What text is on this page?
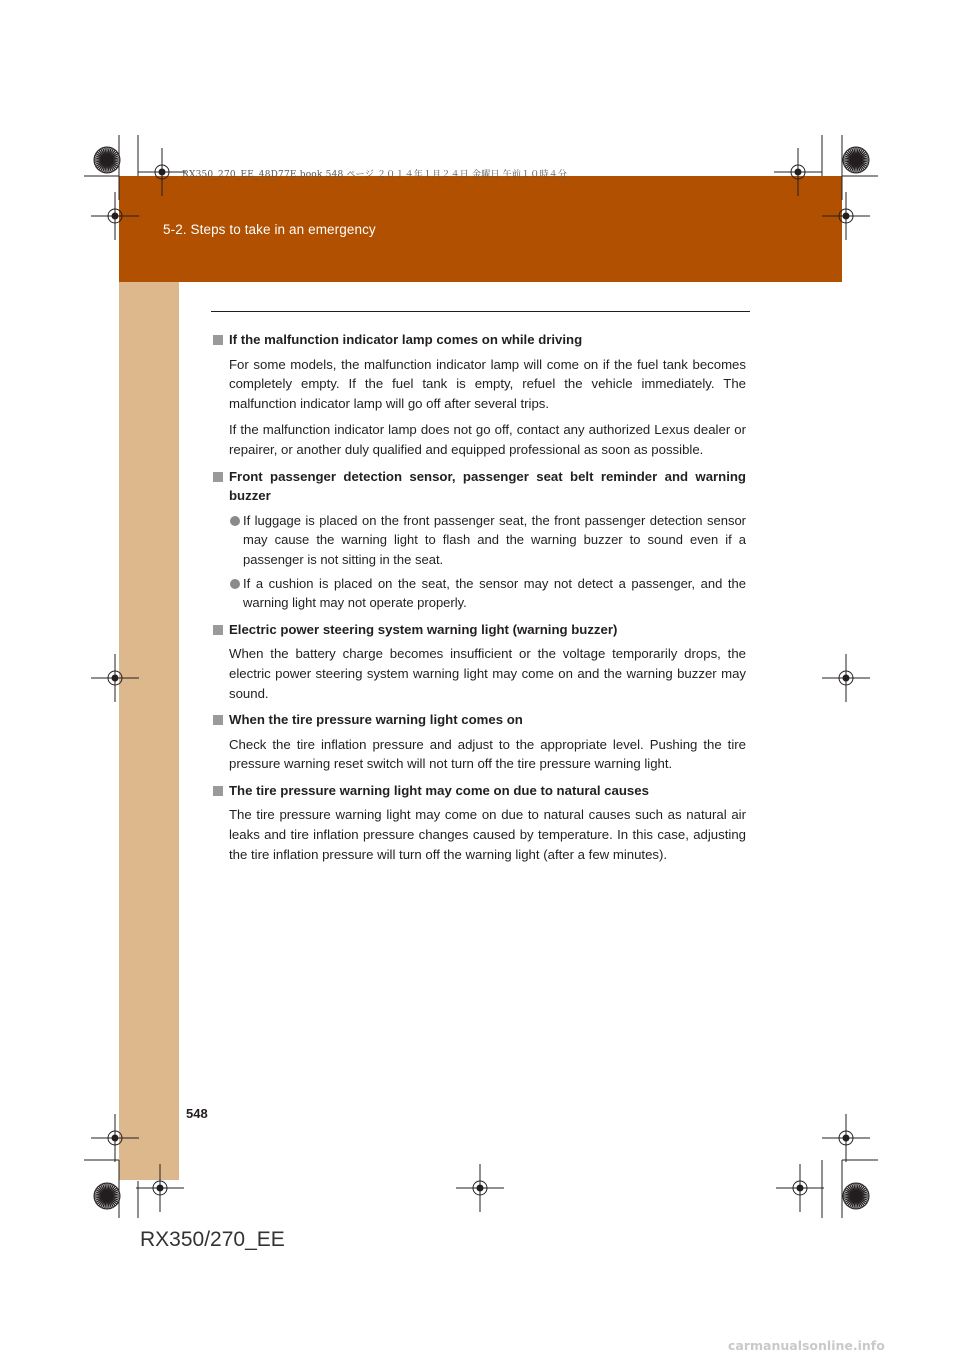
5-2. Steps to take in an emergency
RX350_270_EE_48D77E.book 548 ページ ２０１４年１月２４日 金曜日 午前１０時４分
If the malfunction indicator lamp comes on while driving
For some models, the malfunction indicator lamp will come on if the fuel tank becomes completely empty. If the fuel tank is empty, refuel the vehicle immediately. The malfunction indicator lamp will go off after several trips.
If the malfunction indicator lamp does not go off, contact any authorized Lexus dealer or repairer, or another duly qualified and equipped professional as soon as possible.
Front passenger detection sensor, passenger seat belt reminder and warning buzzer
If luggage is placed on the front passenger seat, the front passenger detection sensor may cause the warning light to flash and the warning buzzer to sound even if a passenger is not sitting in the seat.
If a cushion is placed on the seat, the sensor may not detect a passenger, and the warning light may not operate properly.
Electric power steering system warning light (warning buzzer)
When the battery charge becomes insufficient or the voltage temporarily drops, the electric power steering system warning light may come on and the warning buzzer may sound.
When the tire pressure warning light comes on
Check the tire inflation pressure and adjust to the appropriate level. Pushing the tire pressure warning reset switch will not turn off the tire pressure warning light.
The tire pressure warning light may come on due to natural causes
The tire pressure warning light may come on due to natural causes such as natural air leaks and tire inflation pressure changes caused by temperature. In this case, adjusting the tire inflation pressure will turn off the warning light (after a few minutes).
548
RX350/270_EE
carmanualsonline.info
